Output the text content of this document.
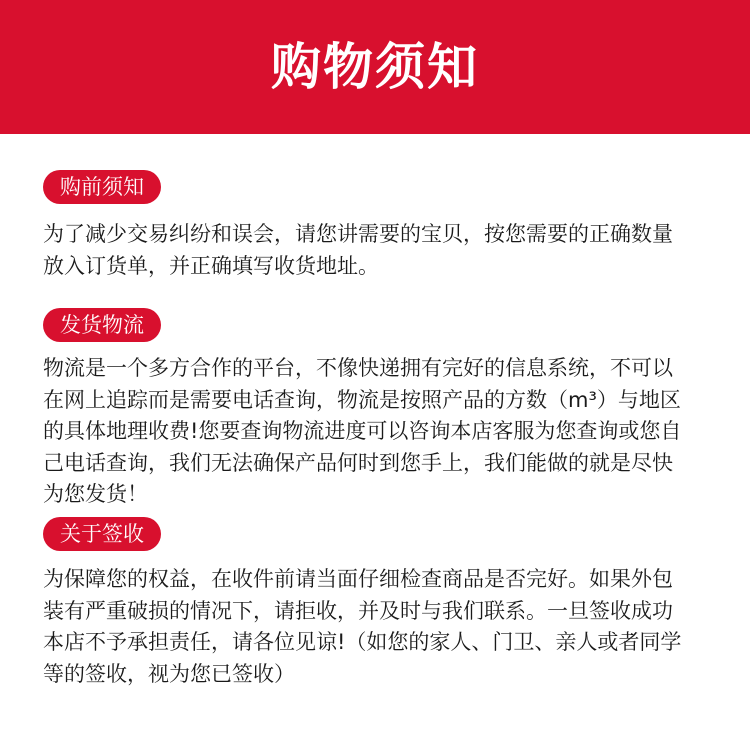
购物须知
购前须知
为了减少交易纠纷和误会，请您讲需要的宝贝，按您需要的正确数量
放入订货单，并正确填写收货地址。
发货物流
物流是一个多方合作的平台，不像快递拥有完好的信息系统，不可以
在网上追踪而是需要电话查询，物流是按照产品的方数（m³）与地区
的具体地理收费!您要查询物流进度可以咨询本店客服为您查询或您自
己电话查询，我们无法确保产品何时到您手上，我们能做的就是尽快
为您发货！
关于签收
为保障您的权益，在收件前请当面仔细检查商品是否完好。如果外包
装有严重破损的情况下，请拒收，并及时与我们联系。一旦签收成功
本店不予承担责任，请各位见谅!（如您的家人、门卫、亲人或者同学
等的签收，视为您已签收）
